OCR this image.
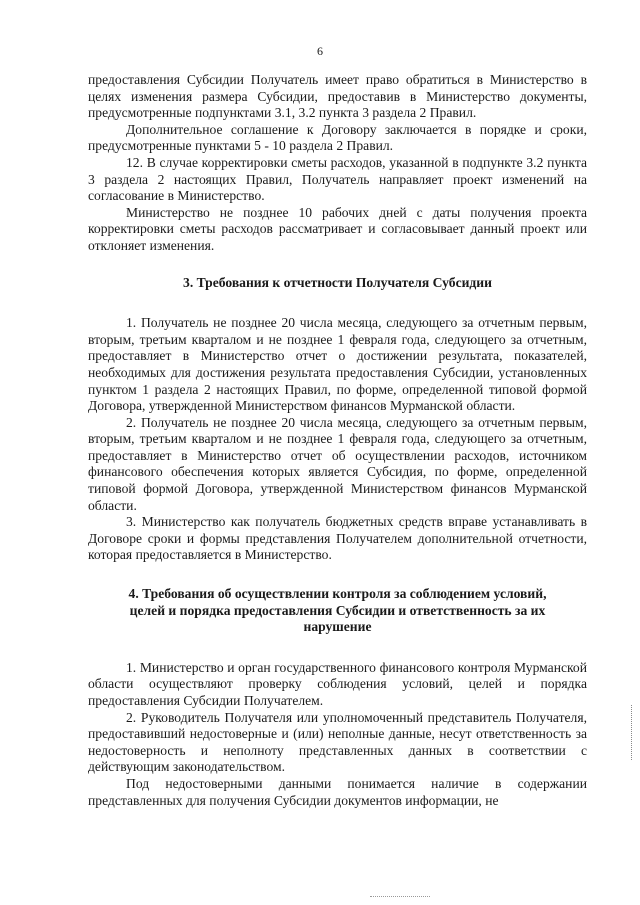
6

предоставления Субсидии Получатель имеет право обратиться в Министерство в целях изменения размера Субсидии, предоставив в Министерство документы, предусмотренные подпунктами 3.1, 3.2 пункта 3 раздела 2 Правил.

Дополнительное соглашение к Договору заключается в порядке и сроки, предусмотренные пунктами 5 - 10 раздела 2 Правил.

12. В случае корректировки сметы расходов, указанной в подпункте 3.2 пункта 3 раздела 2 настоящих Правил, Получатель направляет проект изменений на согласование в Министерство.

Министерство не позднее 10 рабочих дней с даты получения проекта корректировки сметы расходов рассматривает и согласовывает данный проект или отклоняет изменения.

3. Требования к отчетности Получателя Субсидии

1. Получатель не позднее 20 числа месяца, следующего за отчетным первым, вторым, третьим кварталом и не позднее 1 февраля года, следующего за отчетным, предоставляет в Министерство отчет о достижении результата, показателей, необходимых для достижения результата предоставления Субсидии, установленных пунктом 1 раздела 2 настоящих Правил, по форме, определенной типовой формой Договора, утвержденной Министерством финансов Мурманской области.

2. Получатель не позднее 20 числа месяца, следующего за отчетным первым, вторым, третьим кварталом и не позднее 1 февраля года, следующего за отчетным, предоставляет в Министерство отчет об осуществлении расходов, источником финансового обеспечения которых является Субсидия, по форме, определенной типовой формой Договора, утвержденной Министерством финансов Мурманской области.

3. Министерство как получатель бюджетных средств вправе устанавливать в Договоре сроки и формы представления Получателем дополнительной отчетности, которая предоставляется в Министерство.

4. Требования об осуществлении контроля за соблюдением условий,
целей и порядка предоставления Субсидии и ответственность за их
нарушение

1. Министерство и орган государственного финансового контроля Мурманской области осуществляют проверку соблюдения условий, целей и порядка предоставления Субсидии Получателем.

2. Руководитель Получателя или уполномоченный представитель Получателя, предоставивший недостоверные и (или) неполные данные, несут ответственность за недостоверность и неполноту представленных данных в соответствии с действующим законодательством.

Под недостоверными данными понимается наличие в содержании представленных для получения Субсидии документов информации, не
